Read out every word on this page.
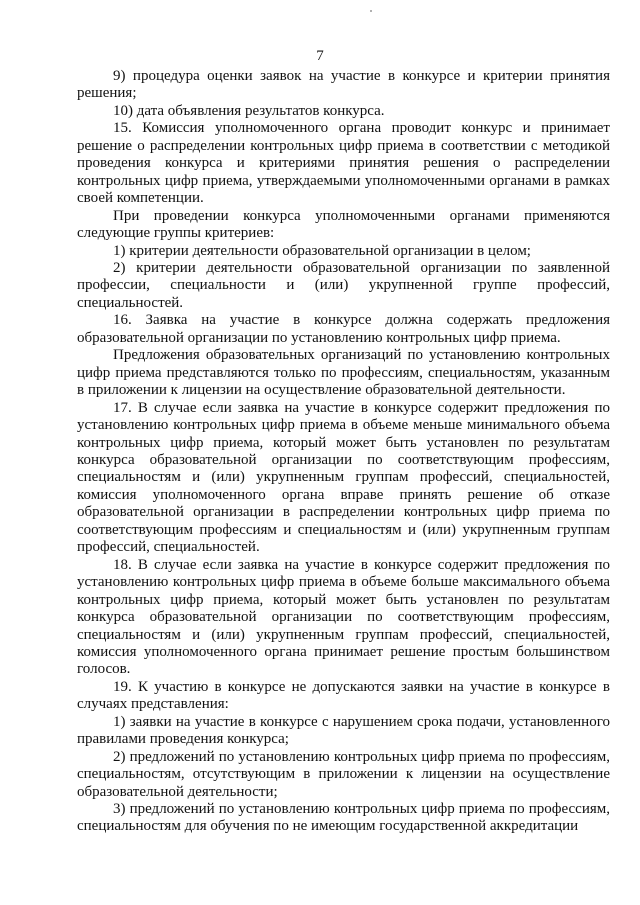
7

9) процедура оценки заявок на участие в конкурсе и критерии принятия решения;

10) дата объявления результатов конкурса.

15. Комиссия уполномоченного органа проводит конкурс и принимает решение о распределении контрольных цифр приема в соответствии с методикой проведения конкурса и критериями принятия решения о распределении контрольных цифр приема, утверждаемыми уполномоченными органами в рамках своей компетенции.

При проведении конкурса уполномоченными органами применяются следующие группы критериев:

1) критерии деятельности образовательной организации в целом;

2) критерии деятельности образовательной организации по заявленной профессии, специальности и (или) укрупненной группе профессий, специальностей.

16. Заявка на участие в конкурсе должна содержать предложения образовательной организации по установлению контрольных цифр приема.

Предложения образовательных организаций по установлению контрольных цифр приема представляются только по профессиям, специальностям, указанным в приложении к лицензии на осуществление образовательной деятельности.

17. В случае если заявка на участие в конкурсе содержит предложения по установлению контрольных цифр приема в объеме меньше минимального объема контрольных цифр приема, который может быть установлен по результатам конкурса образовательной организации по соответствующим профессиям, специальностям и (или) укрупненным группам профессий, специальностей, комиссия уполномоченного органа вправе принять решение об отказе образовательной организации в распределении контрольных цифр приема по соответствующим профессиям и специальностям и (или) укрупненным группам профессий, специальностей.

18. В случае если заявка на участие в конкурсе содержит предложения по установлению контрольных цифр приема в объеме больше максимального объема контрольных цифр приема, который может быть установлен по результатам конкурса образовательной организации по соответствующим профессиям, специальностям и (или) укрупненным группам профессий, специальностей, комиссия уполномоченного органа принимает решение простым большинством голосов.

19. К участию в конкурсе не допускаются заявки на участие в конкурсе в случаях представления:

1) заявки на участие в конкурсе с нарушением срока подачи, установленного правилами проведения конкурса;

2) предложений по установлению контрольных цифр приема по профессиям, специальностям, отсутствующим в приложении к лицензии на осуществление образовательной деятельности;

3) предложений по установлению контрольных цифр приема по профессиям, специальностям для обучения по не имеющим государственной аккредитации
